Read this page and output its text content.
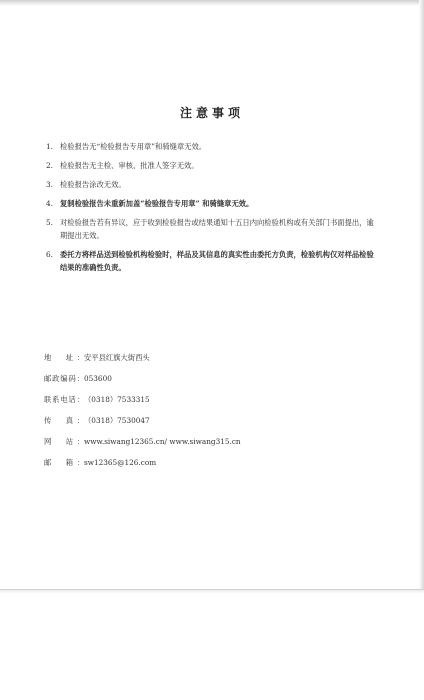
注意事项
1. 检验报告无“检验报告专用章”和骑缝章无效。
2. 检验报告无主检、审核、批准人签字无效。
3. 检验报告涂改无效。
4. 复制检验报告未重新加盖“检验报告专用章” 和骑缝章无效。
5. 对检验报告若有异议，应于收到检验报告或结果通知十五日内向检验机构或有关部门书面提出，逾期提出无效。
6. 委托方将样品送到检验机构检验时，样品及其信息的真实性由委托方负责，检验机构仅对样品检验结果的准确性负责。
地　址： 安平县红旗大街西头
邮政编码： 053600
联系电话： （0318）7533315
传　真： （0318）7530047
网　站： www.siwang12365.cn/ www.siwang315.cn
邮　箱： sw12365@126.com
